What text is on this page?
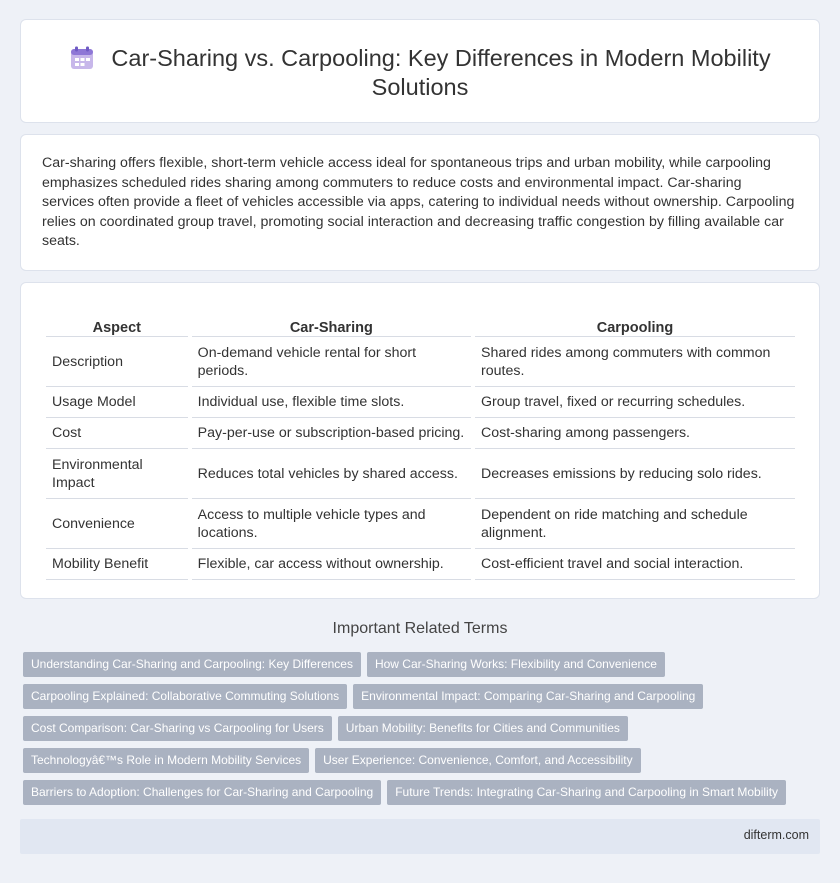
Car-Sharing vs. Carpooling: Key Differences in Modern Mobility Solutions

Car-sharing offers flexible, short-term vehicle access ideal for spontaneous trips and urban mobility, while carpooling emphasizes scheduled rides sharing among commuters to reduce costs and environmental impact. Car-sharing services often provide a fleet of vehicles accessible via apps, catering to individual needs without ownership. Carpooling relies on coordinated group travel, promoting social interaction and decreasing traffic congestion by filling available car seats.

Aspect	Car-Sharing	Carpooling
Description	On-demand vehicle rental for short periods.	Shared rides among commuters with common routes.
Usage Model	Individual use, flexible time slots.	Group travel, fixed or recurring schedules.
Cost	Pay-per-use or subscription-based pricing.	Cost-sharing among passengers.
Environmental Impact	Reduces total vehicles by shared access.	Decreases emissions by reducing solo rides.
Convenience	Access to multiple vehicle types and locations.	Dependent on ride matching and schedule alignment.
Mobility Benefit	Flexible, car access without ownership.	Cost-efficient travel and social interaction.
Important Related Terms
Understanding Car-Sharing and Carpooling: Key Differences How Car-Sharing Works: Flexibility and Convenience
Carpooling Explained: Collaborative Commuting Solutions Environmental Impact: Comparing Car-Sharing and Carpooling
Cost Comparison: Car-Sharing vs Carpooling for Users Urban Mobility: Benefits for Cities and Communities
Technologyâ€™s Role in Modern Mobility Services User Experience: Convenience, Comfort, and Accessibility
Barriers to Adoption: Challenges for Car-Sharing and Carpooling Future Trends: Integrating Car-Sharing and Carpooling in Smart Mobility
difterm.com
